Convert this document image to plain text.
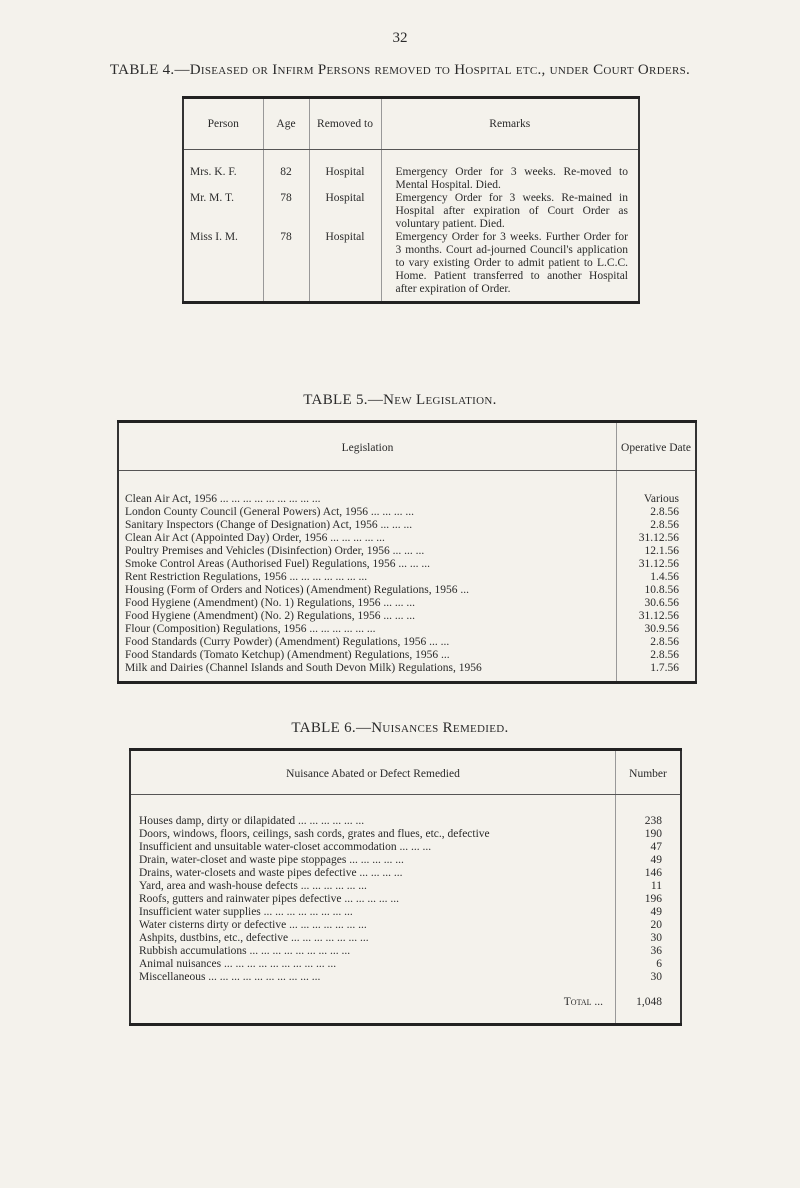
32
TABLE 4.—Diseased or Infirm Persons removed to Hospital etc., under Court Orders.
Person	Age	Removed to	Remarks
Mrs. K. F.	82	Hospital	Emergency Order for 3 weeks. Re-moved to Mental Hospital. Died.
Mr. M. T.	78	Hospital	Emergency Order for 3 weeks. Re-mained in Hospital after expiration of Court Order as voluntary patient. Died.
Miss I. M.	78	Hospital	Emergency Order for 3 weeks. Further Order for 3 months. Court ad-journed Council's application to vary existing Order to admit patient to L.C.C. Home. Patient transferred to another Hospital after expiration of Order.
TABLE 5.—New Legislation.
Legislation	Operative Date
Clean Air Act, 1956 ... ... ... ... ... ... ... ... ...	Various
London County Council (General Powers) Act, 1956 ... ... ... ...	2.8.56
Sanitary Inspectors (Change of Designation) Act, 1956 ... ... ...	2.8.56
Clean Air Act (Appointed Day) Order, 1956 ... ... ... ... ...	31.12.56
Poultry Premises and Vehicles (Disinfection) Order, 1956 ... ... ...	12.1.56
Smoke Control Areas (Authorised Fuel) Regulations, 1956 ... ... ...	31.12.56
Rent Restriction Regulations, 1956 ... ... ... ... ... ... ...	1.4.56
Housing (Form of Orders and Notices) (Amendment) Regulations, 1956 ...	10.8.56
Food Hygiene (Amendment) (No. 1) Regulations, 1956 ... ... ...	30.6.56
Food Hygiene (Amendment) (No. 2) Regulations, 1956 ... ... ...	31.12.56
Flour (Composition) Regulations, 1956 ... ... ... ... ... ...	30.9.56
Food Standards (Curry Powder) (Amendment) Regulations, 1956 ... ...	2.8.56
Food Standards (Tomato Ketchup) (Amendment) Regulations, 1956 ...	2.8.56
Milk and Dairies (Channel Islands and South Devon Milk) Regulations, 1956	1.7.56
TABLE 6.—Nuisances Remedied.
Nuisance Abated or Defect Remedied	Number
Houses damp, dirty or dilapidated ... ... ... ... ... ...	238
Doors, windows, floors, ceilings, sash cords, grates and flues, etc., defective	190
Insufficient and unsuitable water-closet accommodation ... ... ...	47
Drain, water-closet and waste pipe stoppages ... ... ... ... ...	49
Drains, water-closets and waste pipes defective ... ... ... ...	146
Yard, area and wash-house defects ... ... ... ... ... ...	11
Roofs, gutters and rainwater pipes defective ... ... ... ... ...	196
Insufficient water supplies ... ... ... ... ... ... ... ...	49
Water cisterns dirty or defective ... ... ... ... ... ... ...	20
Ashpits, dustbins, etc., defective ... ... ... ... ... ... ...	30
Rubbish accumulations ... ... ... ... ... ... ... ... ...	36
Animal nuisances ... ... ... ... ... ... ... ... ... ...	6
Miscellaneous ... ... ... ... ... ... ... ... ... ...	30
Total ...	1,048
